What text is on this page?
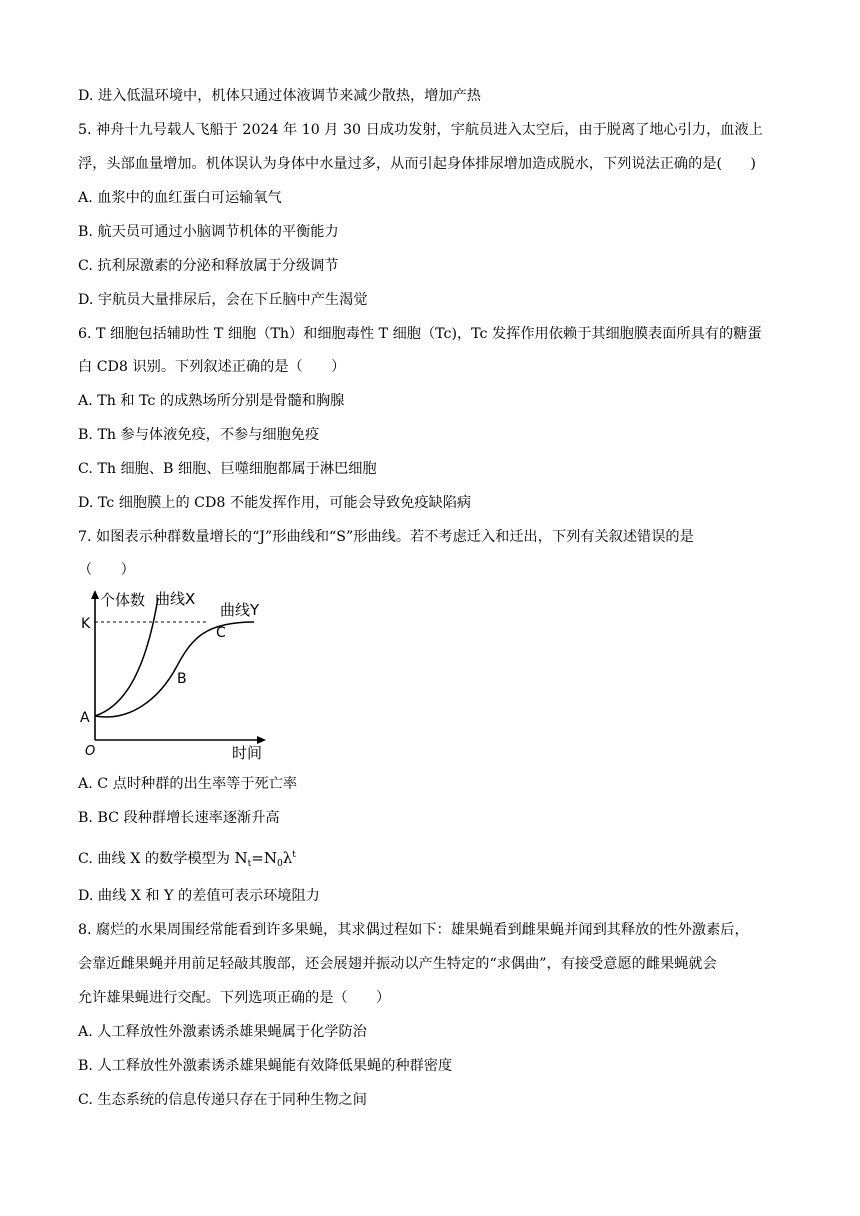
D. 进入低温环境中，机体只通过体液调节来减少散热，增加产热
5. 神舟十九号载人飞船于 2024 年 10 月 30 日成功发射，宇航员进入太空后，由于脱离了地心引力，血液上
浮，头部血量增加。机体误认为身体中水量过多，从而引起身体排尿增加造成脱水，下列说法正确的是(　　)
A. 血浆中的血红蛋白可运输氧气
B. 航天员可通过小脑调节机体的平衡能力
C. 抗利尿激素的分泌和释放属于分级调节
D. 宇航员大量排尿后，会在下丘脑中产生渴觉
6. T 细胞包括辅助性 T 细胞（Th）和细胞毒性 T 细胞（Tc)，Tc 发挥作用依赖于其细胞膜表面所具有的糖蛋
白 CD8 识别。下列叙述正确的是（　　）
A. Th 和 Tc 的成熟场所分别是骨髓和胸腺
B. Th 参与体液免疫，不参与细胞免疫
C. Th 细胞、B 细胞、巨噬细胞都属于淋巴细胞
D. Tc 细胞膜上的 CD8 不能发挥作用，可能会导致免疫缺陷病
7. 如图表示种群数量增长的“J”形曲线和“S”形曲线。若不考虑迁入和迁出，下列有关叙述错误的是
（　　）
个体数 曲线X
曲线Y
K
C
B
A
O	时间
A. C 点时种群的出生率等于死亡率
B. BC 段种群增长速率逐渐升高
C. 曲线 X 的数学模型为 $N_t=N_0\lambda^t$
D. 曲线 X 和 Y 的差值可表示环境阻力
8. 腐烂的水果周围经常能看到许多果蝇，其求偶过程如下：雄果蝇看到雌果蝇并闻到其释放的性外激素后，
会靠近雌果蝇并用前足轻敲其腹部，还会展翅并振动以产生特定的“求偶曲”，有接受意愿的雌果蝇就会
允许雄果蝇进行交配。下列选项正确的是（　　）
A. 人工释放性外激素诱杀雄果蝇属于化学防治
B. 人工释放性外激素诱杀雄果蝇能有效降低果蝇的种群密度
C. 生态系统的信息传递只存在于同种生物之间
